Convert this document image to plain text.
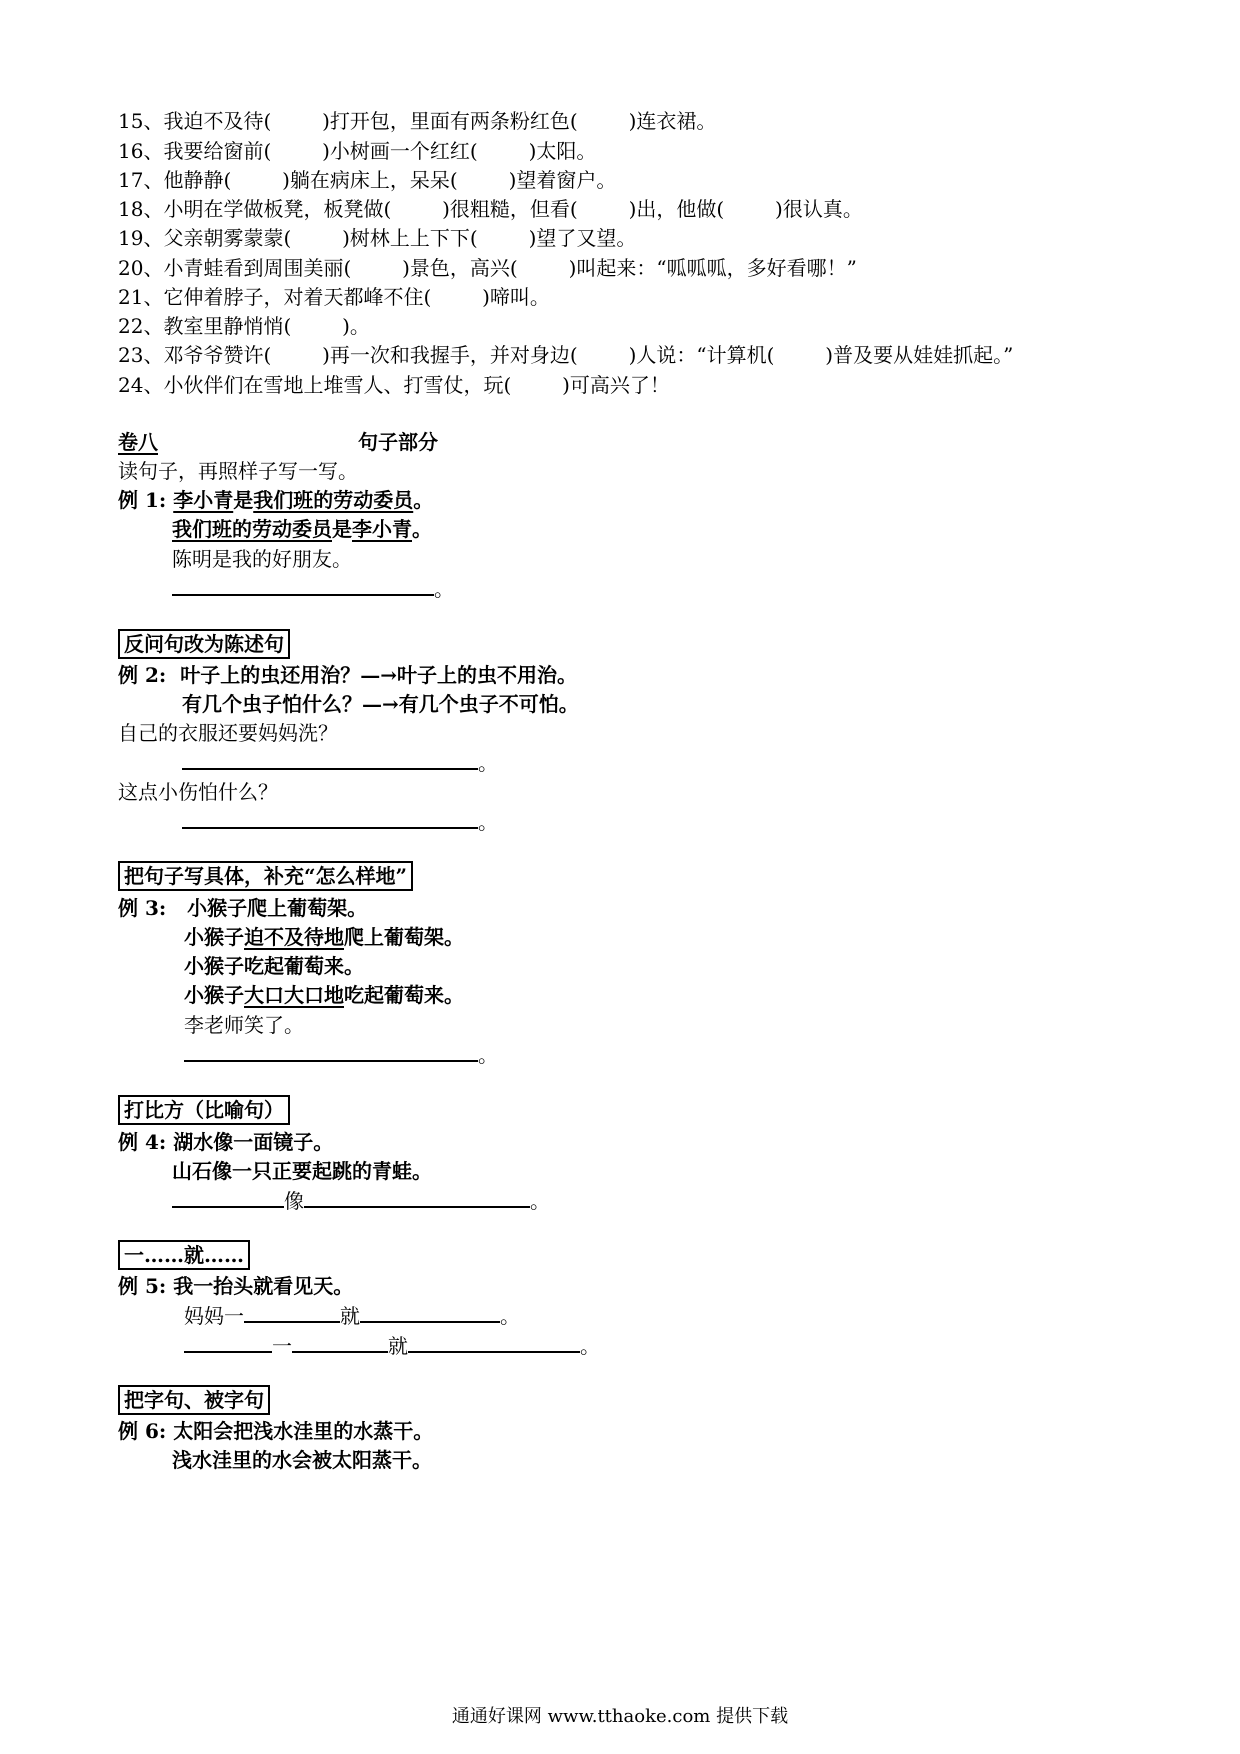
15、我迫不及待(        )打开包，里面有两条粉红色(        )连衣裙。
16、我要给窗前(        )小树画一个红红(        )太阳。
17、他静静(        )躺在病床上，呆呆(        )望着窗户。
18、小明在学做板凳，板凳做(        )很粗糙，但看(        )出，他做(        )很认真。
19、父亲朝雾蒙蒙(        )树林上上下下(        )望了又望。
20、小青蛙看到周围美丽(        )景色，高兴(        )叫起来：“呱呱呱，多好看哪！”
21、它伸着脖子，对着天都峰不住(        )啼叫。
22、教室里静悄悄(        )。
23、邓爷爷赞许(        )再一次和我握手，并对身边(        )人说：“计算机(        )普及要从娃娃抓起。”
24、小伙伴们在雪地上堆雪人、打雪仗，玩(        )可高兴了！
卷八	句子部分
读句子，再照样子写一写。
例 1: 李小青是我们班的劳动委员。
我们班的劳动委员是李小青。
陈明是我的好朋友。
。
反问句改为陈述句
例 2: 叶子上的虫还用治？—→叶子上的虫不用治。
有几个虫子怕什么？—→有几个虫子不可怕。
自己的衣服还要妈妈洗？
。
这点小伤怕什么？
。
把句子写具体，补充“怎么样地”
例 3: 小猴子爬上葡萄架。
小猴子迫不及待地爬上葡萄架。
小猴子吃起葡萄来。
小猴子大口大口地吃起葡萄来。
李老师笑了。
。
打比方（比喻句）
例 4: 湖水像一面镜子。
山石像一只正要起跳的青蛙。
像	。
一……就……
例 5: 我一抬头就看见天。
妈妈一	就	。
一	就	。
把字句、被字句
例 6: 太阳会把浅水洼里的水蒸干。
浅水洼里的水会被太阳蒸干。
通通好课网 www.tthaoke.com 提供下载
